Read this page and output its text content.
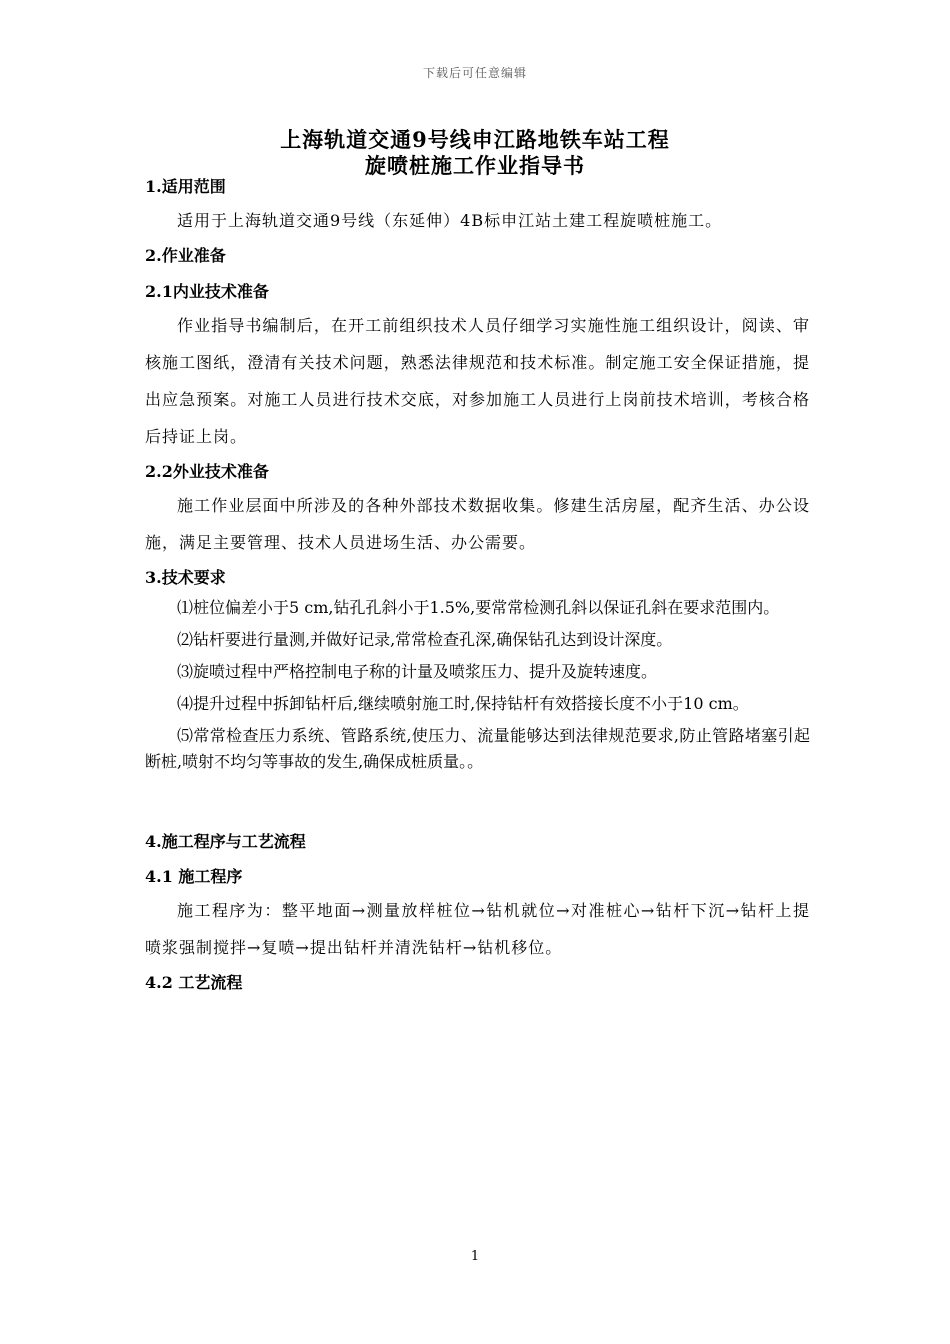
下载后可任意编辑
上海轨道交通9号线申江路地铁车站工程
旋喷桩施工作业指导书
1.适用范围
适用于上海轨道交通9号线（东延伸）4B标申江站土建工程旋喷桩施工。
2.作业准备
2.1内业技术准备
作业指导书编制后，在开工前组织技术人员仔细学习实施性施工组织设计，阅读、审核施工图纸，澄清有关技术问题，熟悉法律规范和技术标准。制定施工安全保证措施，提出应急预案。对施工人员进行技术交底，对参加施工人员进行上岗前技术培训，考核合格后持证上岗。
2.2外业技术准备
施工作业层面中所涉及的各种外部技术数据收集。修建生活房屋，配齐生活、办公设施，满足主要管理、技术人员进场生活、办公需要。
3.技术要求
⑴桩位偏差小于5 cm,钻孔孔斜小于1.5%,要常常检测孔斜以保证孔斜在要求范围内。
⑵钻杆要进行量测,并做好记录,常常检查孔深,确保钻孔达到设计深度。
⑶旋喷过程中严格控制电子称的计量及喷浆压力、提升及旋转速度。
⑷提升过程中拆卸钻杆后,继续喷射施工时,保持钻杆有效搭接长度不小于10 cm。
⑸常常检查压力系统、管路系统,使压力、流量能够达到法律规范要求,防止管路堵塞引起断桩,喷射不均匀等事故的发生,确保成桩质量。。
4.施工程序与工艺流程
4.1 施工程序
施工程序为：整平地面→测量放样桩位→钻机就位→对准桩心→钻杆下沉→钻杆上提喷浆强制搅拌→复喷→提出钻杆并清洗钻杆→钻机移位。
4.2 工艺流程
1
